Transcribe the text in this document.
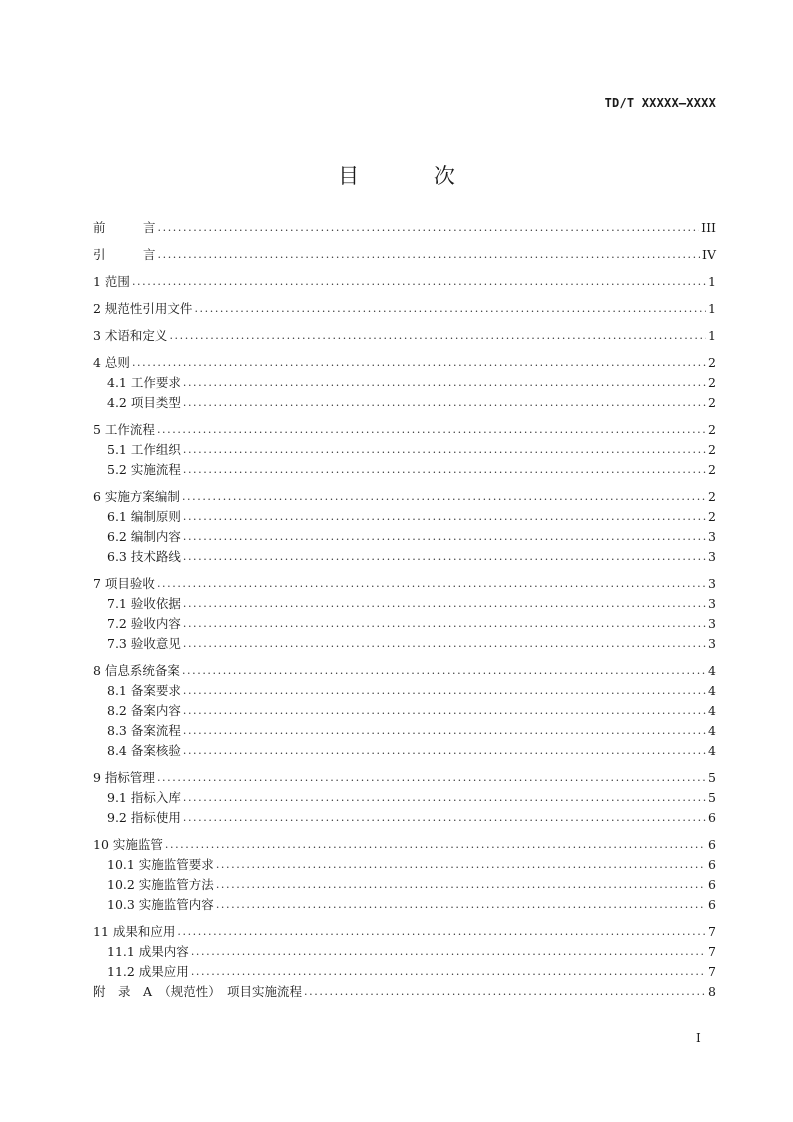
TD/T XXXXX—XXXX
目 次
前　　　言 .....	III
引　　　言 .....	IV
1 范围 .....	1
2 规范性引用文件 .....	1
3 术语和定义 .....	1
4 总则 .....	2
4.1 工作要求 .....	2
4.2 项目类型 .....	2
5 工作流程 .....	2
5.1 工作组织 .....	2
5.2 实施流程 .....	2
6 实施方案编制 .....	2
6.1 编制原则 .....	2
6.2 编制内容 .....	3
6.3 技术路线 .....	3
7 项目验收 .....	3
7.1 验收依据 .....	3
7.2 验收内容 .....	3
7.3 验收意见 .....	3
8 信息系统备案 .....	4
8.1 备案要求 .....	4
8.2 备案内容 .....	4
8.3 备案流程 .....	4
8.4 备案核验 .....	4
9 指标管理 .....	5
9.1 指标入库 .....	5
9.2 指标使用 .....	6
10 实施监管 .....	6
10.1 实施监管要求 .....	6
10.2 实施监管方法 .....	6
10.3 实施监管内容 .....	6
11 成果和应用 .....	7
11.1 成果内容 .....	7
11.2 成果应用 .....	7
附　录　A　（规范性）　项目实施流程 .....	8
I
